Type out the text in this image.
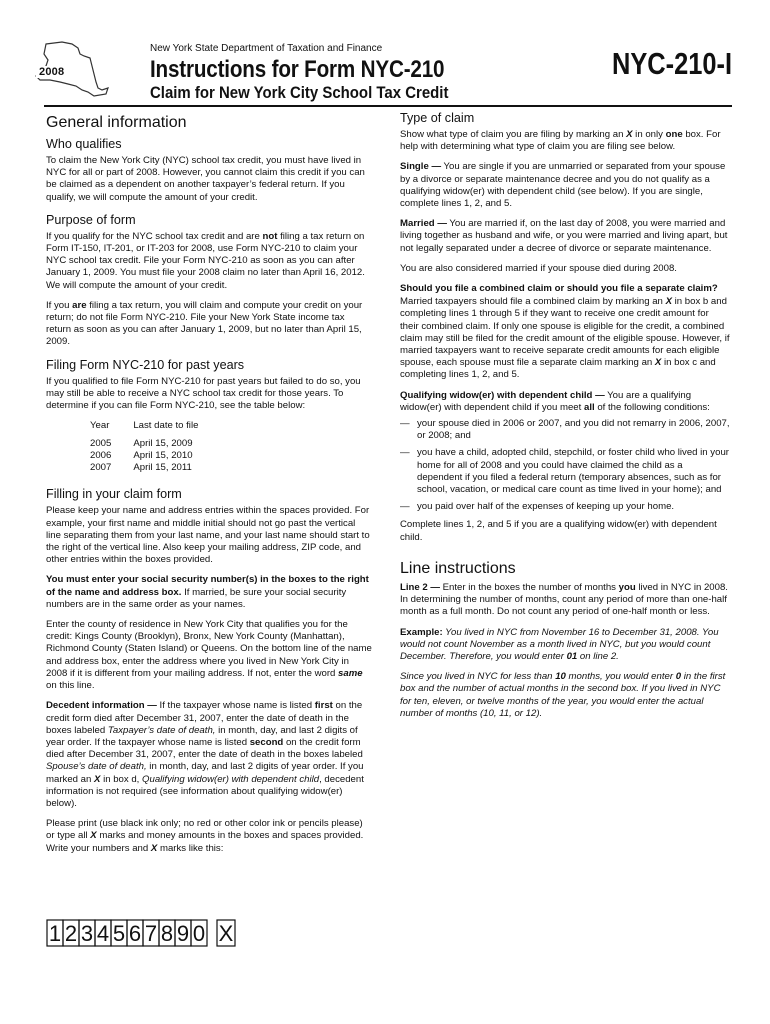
2008
New York State Department of Taxation and Finance
Instructions for Form NYC-210
Claim for New York City School Tax Credit
NYC-210-I
General information
Who qualifies

To claim the New York City (NYC) school tax credit, you must have lived in NYC for all or part of 2008. However, you cannot claim this credit if you can be claimed as a dependent on another taxpayer’s federal return. If you qualify, we will compute the amount of your credit.

Purpose of form

If you qualify for the NYC school tax credit and are not filing a tax return on Form IT-150, IT-201, or IT-203 for 2008, use Form NYC-210 to claim your NYC school tax credit. File your Form NYC-210 as soon as you can after January 1, 2009. You must file your 2008 claim no later than April 16, 2012. We will compute the amount of your credit.

If you are filing a tax return, you will claim and compute your credit on your return; do not file Form NYC-210. File your New York State income tax return as soon as you can after January 1, 2009, but no later than April 15, 2009.

Filing Form NYC-210 for past years

If you qualified to file Form NYC-210 for past years but failed to do so, you may still be able to receive a NYC school tax credit for those years. To determine if you can file Form NYC-210, see the table below:

Year	Last date to file
2005	April 15, 2009
2006	April 15, 2010
2007	April 15, 2011
Filling in your claim form

Please keep your name and address entries within the spaces provided. For example, your first name and middle initial should not go past the vertical line separating them from your last name, and your last name should start to the right of the vertical line. Also keep your mailing address, ZIP code, and other entries within the boxes provided.

You must enter your social security number(s) in the boxes to the right of the name and address box. If married, be sure your social security numbers are in the same order as your names.

Enter the county of residence in New York City that qualifies you for the credit: Kings County (Brooklyn), Bronx, New York County (Manhattan), Richmond County (Staten Island) or Queens. On the bottom line of the name and address box, enter the address where you lived in New York City in 2008 if it is different from your mailing address. If not, enter the word same on this line.

Decedent information — If the taxpayer whose name is listed first on the credit form died after December 31, 2007, enter the date of death in the boxes labeled Taxpayer’s date of death, in month, day, and last 2 digits of year order. If the taxpayer whose name is listed second on the credit form died after December 31, 2007, enter the date of death in the boxes labeled Spouse’s date of death, in month, day, and last 2 digits of year order. If you marked an X in box d, Qualifying widow(er) with dependent child, decedent information is not required (see information about qualifying widow(er) below).

Please print (use black ink only; no red or other color ink or pencils please) or type all X marks and money amounts in the boxes and spaces provided. Write your numbers and X marks like this:

1 2 3 4 5 6 7 8 9 0 X
Type of claim

Show what type of claim you are filing by marking an X in only one box. For help with determining what type of claim you are filing see below.

Single — You are single if you are unmarried or separated from your spouse by a divorce or separate maintenance decree and you do not qualify as a qualifying widow(er) with dependent child (see below). If you are single, complete lines 1, 2, and 5.

Married — You are married if, on the last day of 2008, you were married and living together as husband and wife, or you were married and living apart, but not legally separated under a decree of divorce or separate maintenance.

You are also considered married if your spouse died during 2008.

Should you file a combined claim or should you file a separate claim?

Married taxpayers should file a combined claim by marking an X in box b and completing lines 1 through 5 if they want to receive one credit amount for their combined claim. If only one spouse is eligible for the credit, a combined claim may still be filed for the credit amount of the eligible spouse. However, if married taxpayers want to receive separate credit amounts for each eligible spouse, each spouse must file a separate claim marking an X in box c and completing lines 1, 2, and 5.

Qualifying widow(er) with dependent child — You are a qualifying widow(er) with dependent child if you meet all of the following conditions:

— your spouse died in 2006 or 2007, and you did not remarry in 2006, 2007, or 2008; and
— you have a child, adopted child, stepchild, or foster child who lived in your home for all of 2008 and you could have claimed the child as a dependent if you filed a federal return (temporary absences, such as for school, vacation, or medical care count as time lived in your home); and
— you paid over half of the expenses of keeping up your home.

Complete lines 1, 2, and 5 if you are a qualifying widow(er) with dependent child.

Line instructions

Line 2 — Enter in the boxes the number of months you lived in NYC in 2008. In determining the number of months, count any period of more than one-half month as a full month. Do not count any period of one-half month or less.

Example: You lived in NYC from November 16 to December 31, 2008. You would not count November as a month lived in NYC, but you would count December. Therefore, you would enter 01 on line 2.

Since you lived in NYC for less than 10 months, you would enter 0 in the first box and the number of actual months in the second box. If you lived in NYC for ten, eleven, or twelve months of the year, you would enter the actual number of months (10, 11, or 12).
